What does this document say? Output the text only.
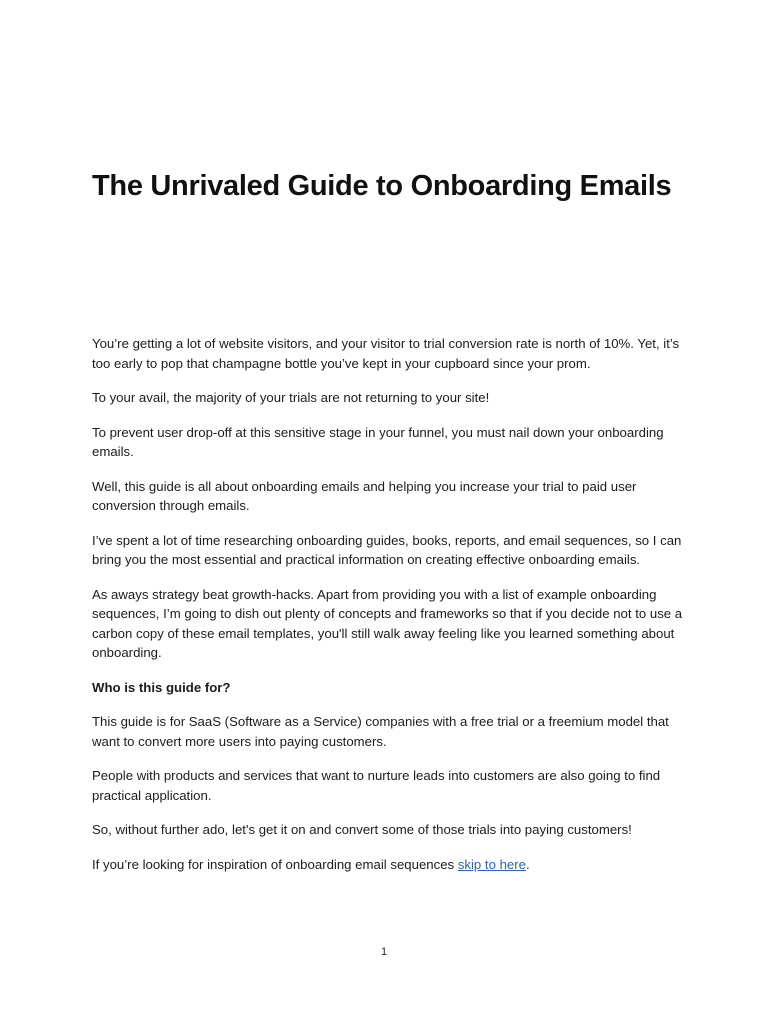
The Unrivaled Guide to Onboarding Emails

You’re getting a lot of website visitors, and your visitor to trial conversion rate is north of 10%. Yet, it’s too early to pop that champagne bottle you’ve kept in your cupboard since your prom.

To your avail, the majority of your trials are not returning to your site!

To prevent user drop-off at this sensitive stage in your funnel, you must nail down your onboarding emails.

Well, this guide is all about onboarding emails and helping you increase your trial to paid user conversion through emails.

I’ve spent a lot of time researching onboarding guides, books, reports, and email sequences, so I can bring you the most essential and practical information on creating effective onboarding emails.

As aways strategy beat growth-hacks. Apart from providing you with a list of example onboarding sequences, I’m going to dish out plenty of concepts and frameworks so that if you decide not to use a carbon copy of these email templates, you'll still walk away feeling like you learned something about onboarding.

Who is this guide for?

This guide is for SaaS (Software as a Service) companies with a free trial or a freemium model that want to convert more users into paying customers.

People with products and services that want to nurture leads into customers are also going to find practical application.

So, without further ado, let's get it on and convert some of those trials into paying customers!

If you’re looking for inspiration of onboarding email sequences skip to here.

1
